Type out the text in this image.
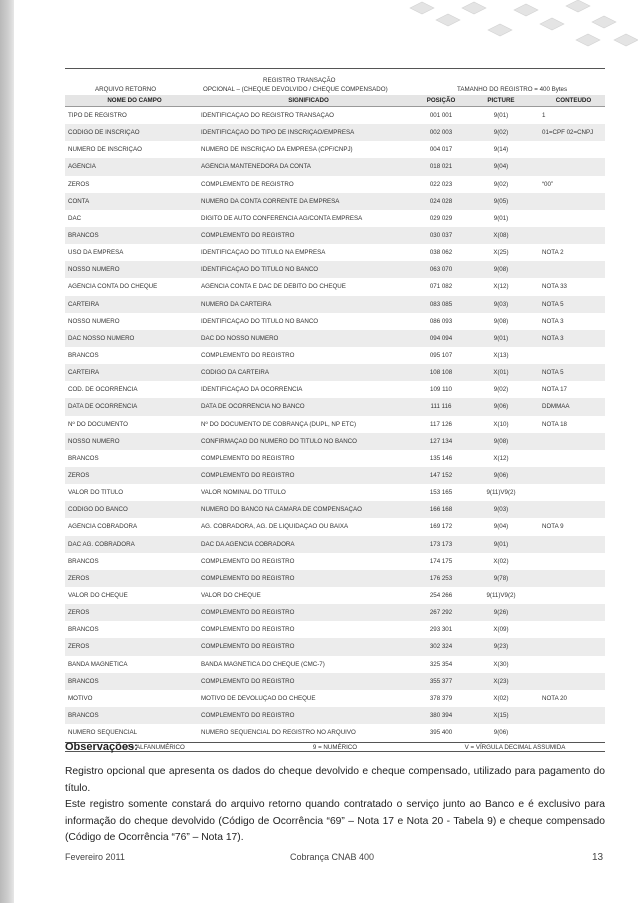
ARQUIVO RETORNO
REGISTRO TRANSAÇÃO
OPCIONAL – (CHEQUE DEVOLVIDO / CHEQUE COMPENSADO)	TAMANHO DO REGISTRO = 400 Bytes
NOME DO CAMPO	SIGNIFICADO	POSIÇÃO	PICTURE	CONTEÚDO
TIPO DE REGISTRO	IDENTIFICAÇÃO DO REGISTRO TRANSAÇÃO	001 001	9(01)	1
CÓDIGO DE INSCRIÇÃO	IDENTIFICAÇÃO DO TIPO DE INSCRIÇÃO/EMPRESA	002 003	9(02)	01=CPF 02=CNPJ
NÚMERO DE INSCRIÇÃO	NÚMERO DE INSCRIÇÃO DA EMPRESA (CPF/CNPJ)	004 017	9(14)
AGÊNCIA	AGÊNCIA MANTENEDORA DA CONTA	018 021	9(04)
ZEROS	COMPLEMENTO DE REGISTRO	022 023	9(02)	“00”
CONTA	NÚMERO DA CONTA CORRENTE DA EMPRESA	024 028	9(05)
DAC	DÍGITO DE AUTO CONFERÊNCIA AG/CONTA EMPRESA	029 029	9(01)
BRANCOS	COMPLEMENTO DO REGISTRO	030 037	X(08)
USO DA EMPRESA	IDENTIFICAÇÃO DO TÍTULO NA EMPRESA	038 062	X(25)	NOTA 2
NOSSO NÚMERO	IDENTIFICAÇÃO DO TÍTULO NO BANCO	063 070	9(08)
AGÊNCIA CONTA DO CHEQUE	AGÊNCIA CONTA E DAC DE DÉBITO DO CHEQUE	071 082	X(12)	NOTA 33
CARTEIRA	NUMERO DA CARTEIRA	083 085	9(03)	NOTA 5
NOSSO NÚMERO	IDENTIFICAÇÃO DO TÍTULO NO BANCO	086 093	9(08)	NOTA 3
DAC NOSSO NÚMERO	DAC DO NOSSO NÚMERO	094 094	9(01)	NOTA 3
BRANCOS	COMPLEMENTO DO REGISTRO	095 107	X(13)
CARTEIRA	CÓDIGO DA CARTEIRA	108 108	X(01)	NOTA 5
CÓD. DE OCORRÊNCIA	IDENTIFICAÇÃO DA OCORRÊNCIA	109 110	9(02)	NOTA 17
DATA DE OCORRÊNCIA	DATA DE OCORRÊNCIA NO BANCO	111 116	9(06)	DDMMAA
Nº DO DOCUMENTO	Nº DO DOCUMENTO DE COBRANÇA (DUPL, NP ETC)	117 126	X(10)	NOTA 18
NOSSO NÚMERO	CONFIRMAÇÃO DO NÚMERO DO TÍTULO NO BANCO	127 134	9(08)
BRANCOS	COMPLEMENTO DO REGISTRO	135 146	X(12)
ZEROS	COMPLEMENTO DO REGISTRO	147 152	9(06)
VALOR DO TÍTULO	VALOR NOMINAL DO TÍTULO	153 165	9(11)V9(2)
CÓDIGO DO BANCO	NÚMERO DO BANCO NA CÂMARA DE COMPENSAÇÃO	166 168	9(03)
AGÊNCIA COBRADORA	AG. COBRADORA, AG. DE LIQUIDAÇÃO OU BAIXA	169 172	9(04)	NOTA 9
DAC AG. COBRADORA	DAC DA AGÊNCIA COBRADORA	173 173	9(01)
BRANCOS	COMPLEMENTO DO REGISTRO	174 175	X(02)
ZEROS	COMPLEMENTO DO REGISTRO	176 253	9(78)
VALOR DO CHEQUE	VALOR DO CHEQUE	254 266	9(11)V9(2)
ZEROS	COMPLEMENTO DO REGISTRO	267 292	9(26)
BRANCOS	COMPLEMENTO DO REGISTRO	293 301	X(09)
ZEROS	COMPLEMENTO DO REGISTRO	302 324	9(23)
BANDA MAGNÉTICA	BANDA MAGNÉTICA DO CHEQUE (CMC-7)	325 354	X(30)
BRANCOS	COMPLEMENTO DO REGISTRO	355 377	X(23)
MOTIVO	MOTIVO DE DEVOLUÇÃO DO CHEQUE	378 379	X(02)	NOTA 20
BRANCOS	COMPLEMENTO DO REGISTRO	380 394	X(15)
NÚMERO SEQÜENCIAL	NÚMERO SEQÜENCIAL DO REGISTRO NO ARQUIVO	395 400	9(06)
X = ALFANUMÉRICO	9 = NUMÉRICO	V = VÍRGULA DECIMAL ASSUMIDA
Observações:
Registro opcional que apresenta os dados do cheque devolvido e cheque compensado, utilizado para pagamento do título.
Este registro somente constará do arquivo retorno quando contratado o serviço junto ao Banco e é exclusivo para informação do cheque devolvido (Código de Ocorrência “69” – Nota 17 e Nota 20 - Tabela 9) e cheque compensado (Código de Ocorrência “76” – Nota 17).
Fevereiro 2011	Cobrança CNAB 400	13
